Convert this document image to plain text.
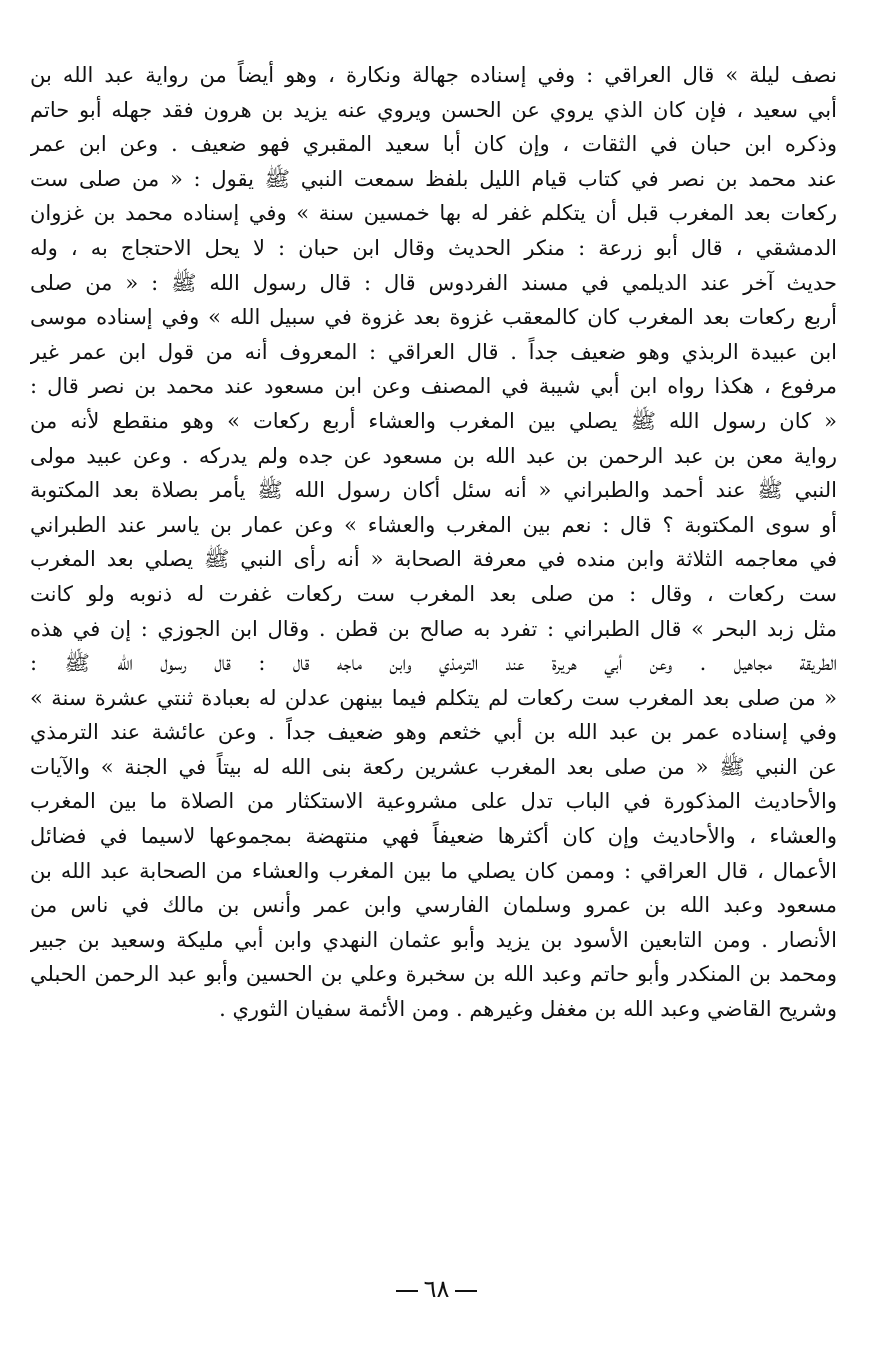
نصف ليلة » قال العراقي : وفي إسناده جهالة ونكارة ، وهو أيضاً من رواية عبد الله بن
أبي سعيد ، فإن كان الذي يروي عن الحسن ويروي عنه يزيد بن هرون فقد جهله أبو حاتم
وذكره ابن حبان في الثقات ، وإن كان أبا سعيد المقبري فهو ضعيف . وعن ابن عمر
عند محمد بن نصر في كتاب قيام الليل بلفظ سمعت النبي ﷺ يقول : « من صلى ست
ركعات بعد المغرب قبل أن يتكلم غفر له بها خمسين سنة » وفي إسناده محمد بن غزوان
الدمشقي ، قال أبو زرعة : منكر الحديث وقال ابن حبان : لا يحل الاحتجاج به ، وله
حديث آخر عند الديلمي في مسند الفردوس قال : قال رسول الله ﷺ : « من صلى
أربع ركعات بعد المغرب كان كالمعقب غزوة بعد غزوة في سبيل الله » وفي إسناده موسى
ابن عبيدة الربذي وهو ضعيف جداً . قال العراقي : المعروف أنه من قول ابن عمر غير
مرفوع ، هكذا رواه ابن أبي شيبة في المصنف وعن ابن مسعود عند محمد بن نصر قال :
« كان رسول الله ﷺ يصلي بين المغرب والعشاء أربع ركعات » وهو منقطع لأنه من
رواية معن بن عبد الرحمن بن عبد الله بن مسعود عن جده ولم يدركه . وعن عبيد مولى
النبي ﷺ عند أحمد والطبراني « أنه سئل أكان رسول الله ﷺ يأمر بصلاة بعد المكتوبة
أو سوى المكتوبة ؟ قال : نعم بين المغرب والعشاء » وعن عمار بن ياسر عند الطبراني
في معاجمه الثلاثة وابن منده في معرفة الصحابة « أنه رأى النبي ﷺ يصلي بعد المغرب
ست ركعات ، وقال : من صلى بعد المغرب ست ركعات غفرت له ذنوبه ولو كانت
مثل زبد البحر » قال الطبراني : تفرد به صالح بن قطن . وقال ابن الجوزي : إن في هذه
الطريقة مجاهيل . وعن أبي هريرة عند الترمذي وابن ماجه قال : قال رسول الله ﷺ :
« من صلى بعد المغرب ست ركعات لم يتكلم فيما بينهن عدلن له بعبادة ثنتي عشرة سنة »
وفي إسناده عمر بن عبد الله بن أبي خثعم وهو ضعيف جداً . وعن عائشة عند الترمذي
عن النبي ﷺ « من صلى بعد المغرب عشرين ركعة بنى الله له بيتاً في الجنة » والآيات
والأحاديث المذكورة في الباب تدل على مشروعية الاستكثار من الصلاة ما بين المغرب
والعشاء ، والأحاديث وإن كان أكثرها ضعيفاً فهي منتهضة بمجموعها لاسيما في فضائل
الأعمال ، قال العراقي : وممن كان يصلي ما بين المغرب والعشاء من الصحابة عبد الله بن
مسعود وعبد الله بن عمرو وسلمان الفارسي وابن عمر وأنس بن مالك في ناس من
الأنصار . ومن التابعين الأسود بن يزيد وأبو عثمان النهدي وابن أبي مليكة وسعيد بن جبير
ومحمد بن المنكدر وأبو حاتم وعبد الله بن سخبرة وعلي بن الحسين وأبو عبد الرحمن الحبلي
وشريح القاضي وعبد الله بن مغفل وغيرهم . ومن الأئمة سفيان الثوري .
٦٨
